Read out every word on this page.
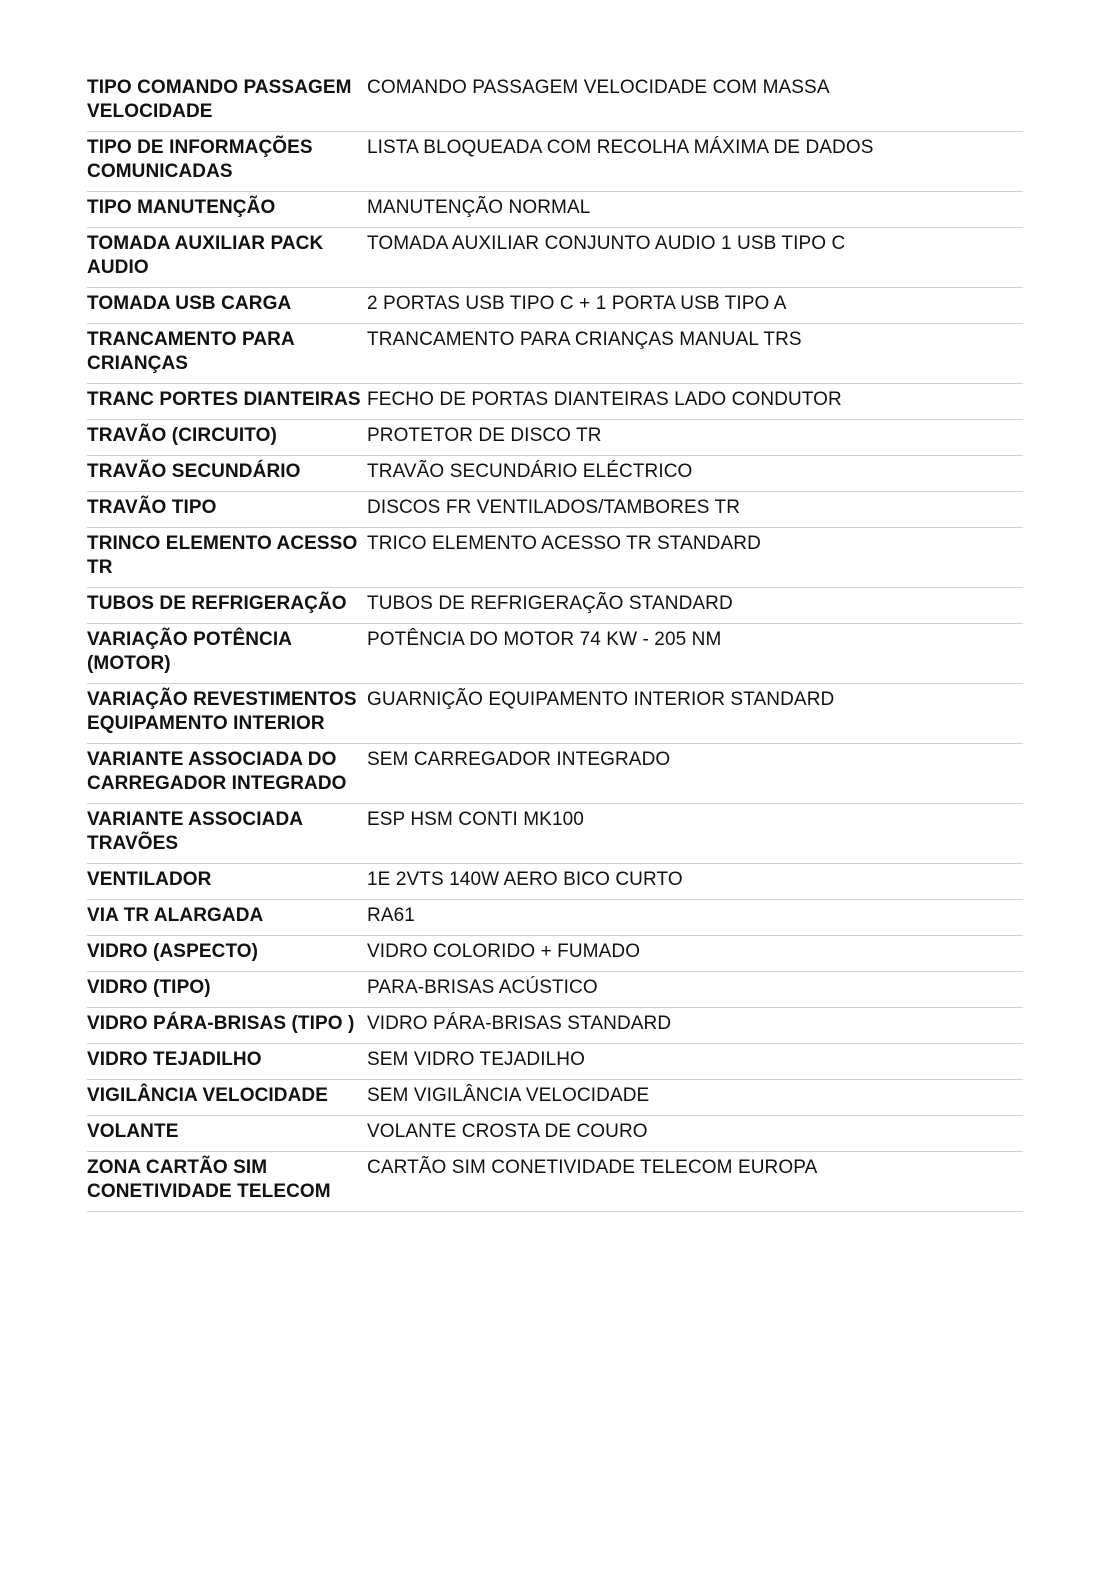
TIPO COMANDO PASSAGEM VELOCIDADE	COMANDO PASSAGEM VELOCIDADE COM MASSA
TIPO DE INFORMAÇÕES COMUNICADAS	LISTA BLOQUEADA COM RECOLHA MÁXIMA DE DADOS
TIPO MANUTENÇÃO	MANUTENÇÃO NORMAL
TOMADA AUXILIAR PACK AUDIO	TOMADA AUXILIAR CONJUNTO AUDIO 1 USB TIPO C
TOMADA USB CARGA	2 PORTAS USB TIPO C + 1 PORTA USB TIPO A
TRANCAMENTO PARA CRIANÇAS	TRANCAMENTO PARA CRIANÇAS MANUAL TRS
TRANC PORTES DIANTEIRAS	FECHO DE PORTAS DIANTEIRAS LADO CONDUTOR
TRAVÃO (CIRCUITO)	PROTETOR DE DISCO TR
TRAVÃO SECUNDÁRIO	TRAVÃO SECUNDÁRIO ELÉCTRICO
TRAVÃO TIPO	DISCOS FR VENTILADOS/TAMBORES TR
TRINCO ELEMENTO ACESSO TR	TRICO ELEMENTO ACESSO TR STANDARD
TUBOS DE REFRIGERAÇÃO	TUBOS DE REFRIGERAÇÃO STANDARD
VARIAÇÃO POTÊNCIA (MOTOR)	POTÊNCIA DO MOTOR 74 KW - 205 NM
VARIAÇÃO REVESTIMENTOS EQUIPAMENTO INTERIOR	GUARNIÇÃO EQUIPAMENTO INTERIOR STANDARD
VARIANTE ASSOCIADA DO CARREGADOR INTEGRADO	SEM CARREGADOR INTEGRADO
VARIANTE ASSOCIADA TRAVÕES	ESP HSM CONTI MK100
VENTILADOR	1E 2VTS 140W AERO BICO CURTO
VIA TR ALARGADA	RA61
VIDRO (ASPECTO)	VIDRO COLORIDO + FUMADO
VIDRO (TIPO)	PARA-BRISAS ACÚSTICO
VIDRO PÁRA-BRISAS (TIPO )	VIDRO PÁRA-BRISAS STANDARD
VIDRO TEJADILHO	SEM VIDRO TEJADILHO
VIGILÂNCIA VELOCIDADE	SEM VIGILÂNCIA VELOCIDADE
VOLANTE	VOLANTE CROSTA DE COURO
ZONA CARTÃO SIM CONETIVIDADE TELECOM	CARTÃO SIM CONETIVIDADE TELECOM EUROPA
